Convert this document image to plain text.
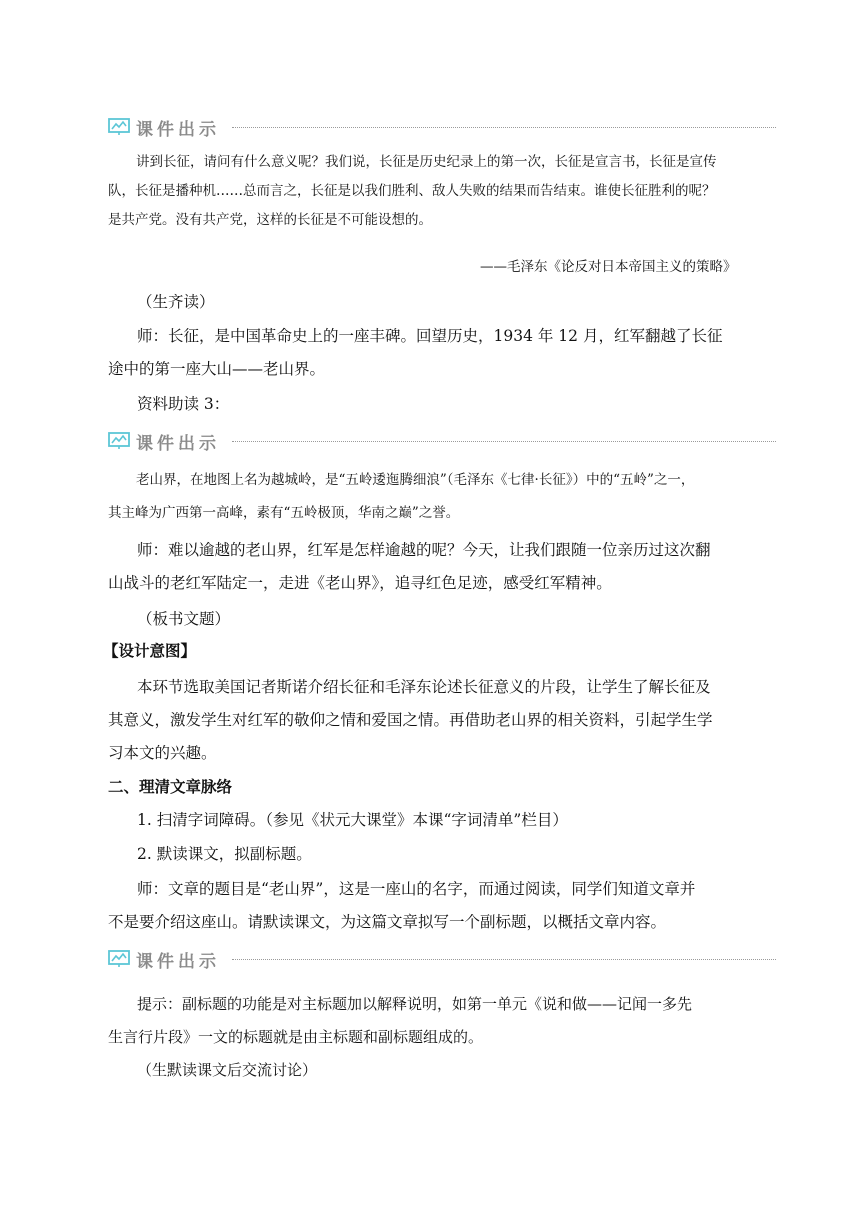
课件出示
讲到长征，请问有什么意义呢？我们说，长征是历史纪录上的第一次，长征是宣言书，长征是宣传
队，长征是播种机……总而言之，长征是以我们胜利、敌人失败的结果而告结束。谁使长征胜利的呢？
是共产党。没有共产党，这样的长征是不可能设想的。
——毛泽东《论反对日本帝国主义的策略》
（生齐读）
师：长征，是中国革命史上的一座丰碑。回望历史，1934 年 12 月，红军翻越了长征
途中的第一座大山——老山界。
资料助读 3：
课件出示
老山界，在地图上名为越城岭，是“五岭逶迤腾细浪”（毛泽东《七律·长征》）中的“五岭”之一，
其主峰为广西第一高峰，素有“五岭极顶，华南之巅”之誉。
师：难以逾越的老山界，红军是怎样逾越的呢？今天，让我们跟随一位亲历过这次翻
山战斗的老红军陆定一，走进《老山界》，追寻红色足迹，感受红军精神。
（板书文题）
【设计意图】
本环节选取美国记者斯诺介绍长征和毛泽东论述长征意义的片段，让学生了解长征及
其意义，激发学生对红军的敬仰之情和爱国之情。再借助老山界的相关资料，引起学生学
习本文的兴趣。
二、理清文章脉络
1. 扫清字词障碍。（参见《状元大课堂》本课“字词清单”栏目）
2. 默读课文，拟副标题。
师：文章的题目是“老山界”，这是一座山的名字，而通过阅读，同学们知道文章并
不是要介绍这座山。请默读课文，为这篇文章拟写一个副标题，以概括文章内容。
课件出示
提示：副标题的功能是对主标题加以解释说明，如第一单元《说和做——记闻一多先
生言行片段》一文的标题就是由主标题和副标题组成的。
（生默读课文后交流讨论）
